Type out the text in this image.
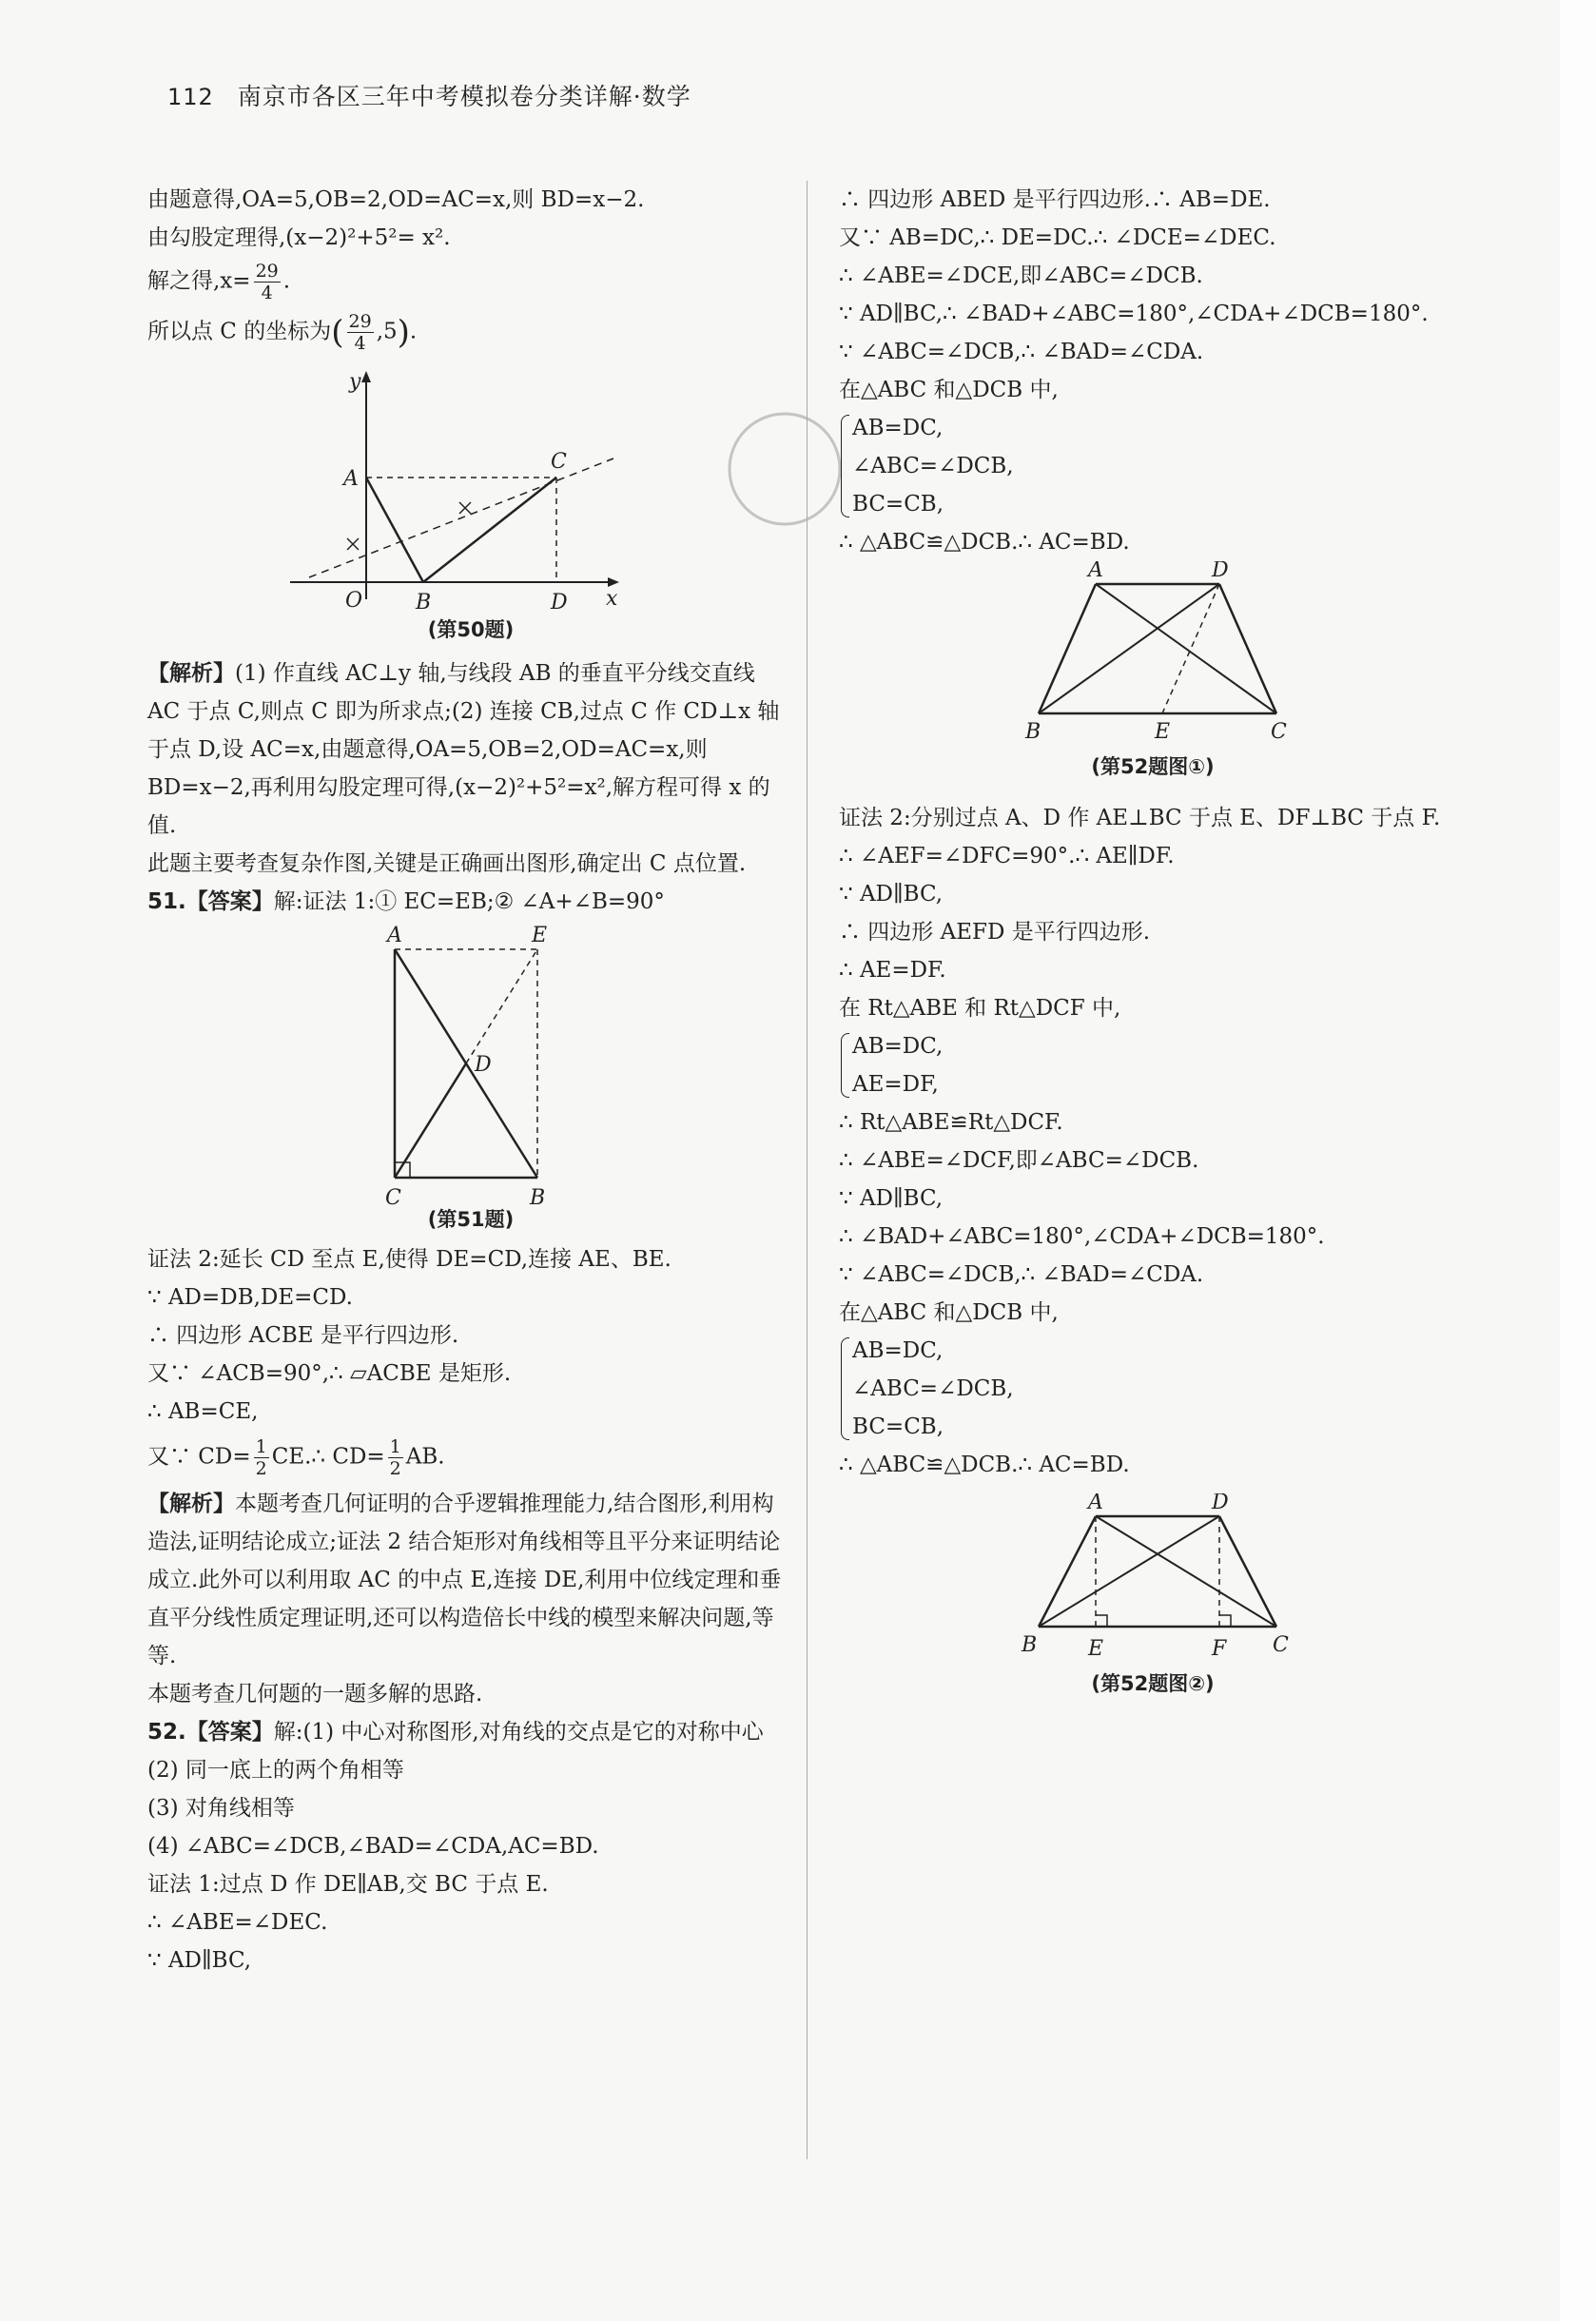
112 南京市各区三年中考模拟卷分类详解·数学
由题意得,OA=5,OB=2,OD=AC=x,则 BD=x−2.
由勾股定理得,(x−2)²+5²= x².
解之得$,x= \frac{29}{4}$ .
所以点 C 的坐标为( $\frac{29}{4} ,5$).
y
A
C
O	B	D x
(第50题)
【解析】(1) 作直线 AC⊥y 轴,与线段 AB 的垂直平分线交直线 AC 于点 C,则点 C 即为所求点;(2) 连接 CB,过点 C 作 CD⊥x 轴于点 D,设 AC=x,由题意得,OA=5,OB=2,OD=AC=x,则 BD=x−2,再利用勾股定理可得,(x−2)²+5²=x²,解方程可得 x 的值.
此题主要考查复杂作图,关键是正确画出图形,确定出 C 点位置.
51.【答案】解:证法 1:① EC=EB;② ∠A+∠B=90°
A	E
D
C	B
(第51题)
证法 2:延长 CD 至点 E,使得 DE=CD,连接 AE、BE.
∵ AD=DB,DE=CD.
∴ 四边形 ACBE 是平行四边形.
又∵ ∠ACB=90°,∴ ▱ACBE 是矩形.
∴ AB=CE,
又∵ $CD= \frac{1}{2}$ CE.∴ $CD= \frac{1}{2}$ AB.
【解析】本题考查几何证明的合乎逻辑推理能力,结合图形,利用构造法,证明结论成立;证法 2 结合矩形对角线相等且平分来证明结论成立.此外可以利用取 AC 的中点 E,连接 DE,利用中位线定理和垂直平分线性质定理证明,还可以构造倍长中线的模型来解决问题,等等.
本题考查几何题的一题多解的思路.
52.【答案】解:(1) 中心对称图形,对角线的交点是它的对称中心
(2) 同一底上的两个角相等
(3) 对角线相等
(4) ∠ABC=∠DCB,∠BAD=∠CDA,AC=BD.
证法 1:过点 D 作 DE∥AB,交 BC 于点 E.
∴ ∠ABE=∠DEC.
∵ AD∥BC,
∴ 四边形 ABED 是平行四边形.∴ AB=DE.
又∵ AB=DC,∴ DE=DC.∴ ∠DCE=∠DEC.
∴ ∠ABE=∠DCE,即∠ABC=∠DCB.
∵ AD∥BC,∴ ∠BAD+∠ABC=180°,∠CDA+∠DCB=180°.
∵ ∠ABC=∠DCB,∴ ∠BAD=∠CDA.
在△ABC 和△DCB 中,
AB=DC,
∠ABC=∠DCB,
BC=CB,
∴ △ABC≌△DCB.∴ AC=BD.
A	D
B	E	C
(第52题图①)
证法 2:分别过点 A、D 作 AE⊥BC 于点 E、DF⊥BC 于点 F.
∴ ∠AEF=∠DFC=90°.∴ AE∥DF.
∵ AD∥BC,
∴ 四边形 AEFD 是平行四边形.
∴ AE=DF.
在 Rt△ABE 和 Rt△DCF 中,
AB=DC,
AE=DF,
∴ Rt△ABE≌Rt△DCF.
∴ ∠ABE=∠DCF,即∠ABC=∠DCB.
∵ AD∥BC,
∴ ∠BAD+∠ABC=180°,∠CDA+∠DCB=180°.
∵ ∠ABC=∠DCB,∴ ∠BAD=∠CDA.
在△ABC 和△DCB 中,
AB=DC,
∠ABC=∠DCB,
BC=CB,
∴ △ABC≌△DCB.∴ AC=BD.
A	D
B E	F C
(第52题图②)
